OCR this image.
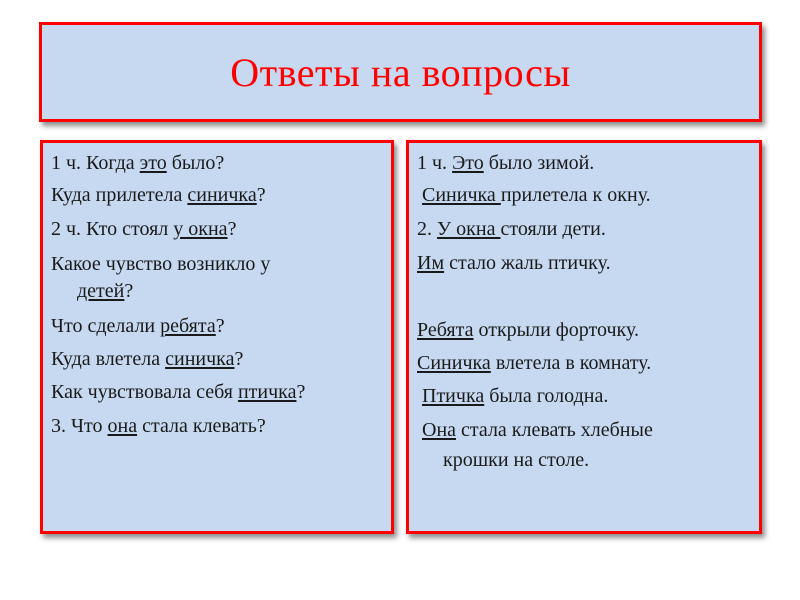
Ответы на вопросы
1 ч. Когда это было?
Куда прилетела синичка?
2 ч. Кто стоял у окна?
Какое чувство возникло у
детей?
Что сделали ребята?
Куда влетела синичка?
Как чувствовала себя птичка?
3. Что она стала клевать?
1 ч. Это было зимой.
Синичка прилетела к окну.
2. У окна стояли дети.
Им стало жаль птичку.
Ребята открыли форточку.
Синичка влетела в комнату.
Птичка была голодна.
Она стала клевать хлебные
крошки на столе.
